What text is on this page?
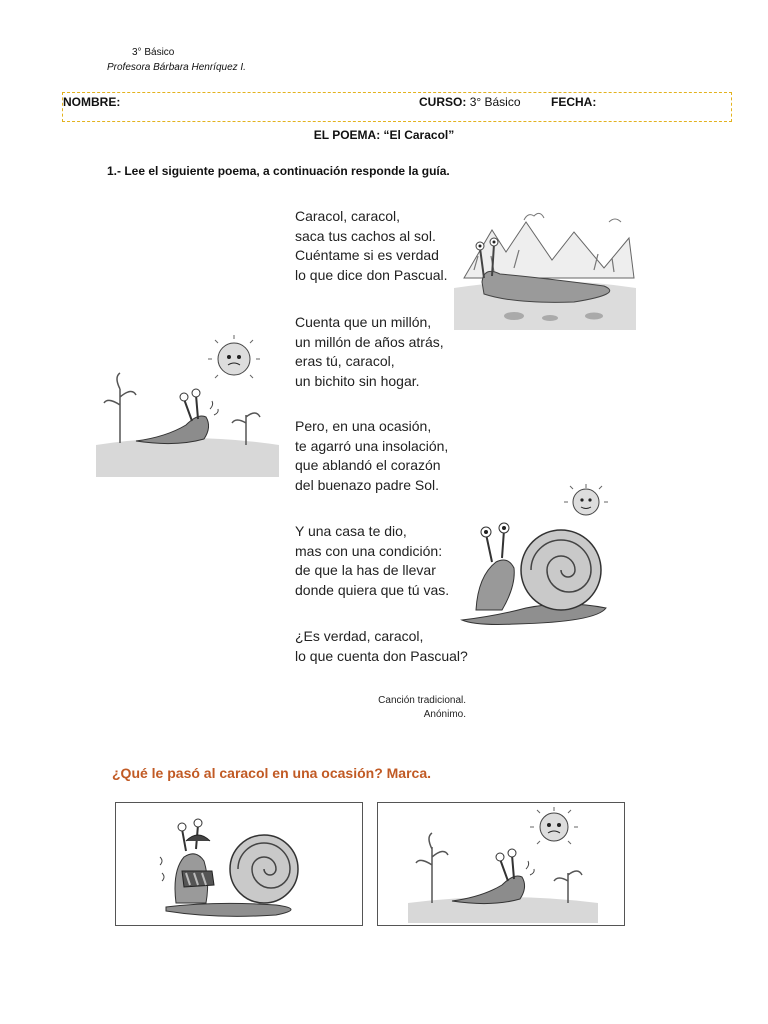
3° Básico
Profesora Bárbara Henríquez I.
NOMBRE:	CURSO: 3° Básico	FECHA:
EL POEMA: “El Caracol”
1.- Lee el siguiente poema, a continuación responde la guía.
Caracol, caracol,
saca tus cachos al sol.
Cuéntame si es verdad
lo que dice don Pascual.
Cuenta que un millón,
un millón de años atrás,
eras tú, caracol,
un bichito sin hogar.
Pero, en una ocasión,
te agarró una insolación,
que ablandó el corazón
del buenazo padre Sol.
Y una casa te dio,
mas con una condición:
de que la has de llevar
donde quiera que tú vas.
¿Es verdad, caracol,
lo que cuenta don Pascual?
Canción tradicional.
Anónimo.
¿Qué le pasó al caracol en una ocasión? Marca.
